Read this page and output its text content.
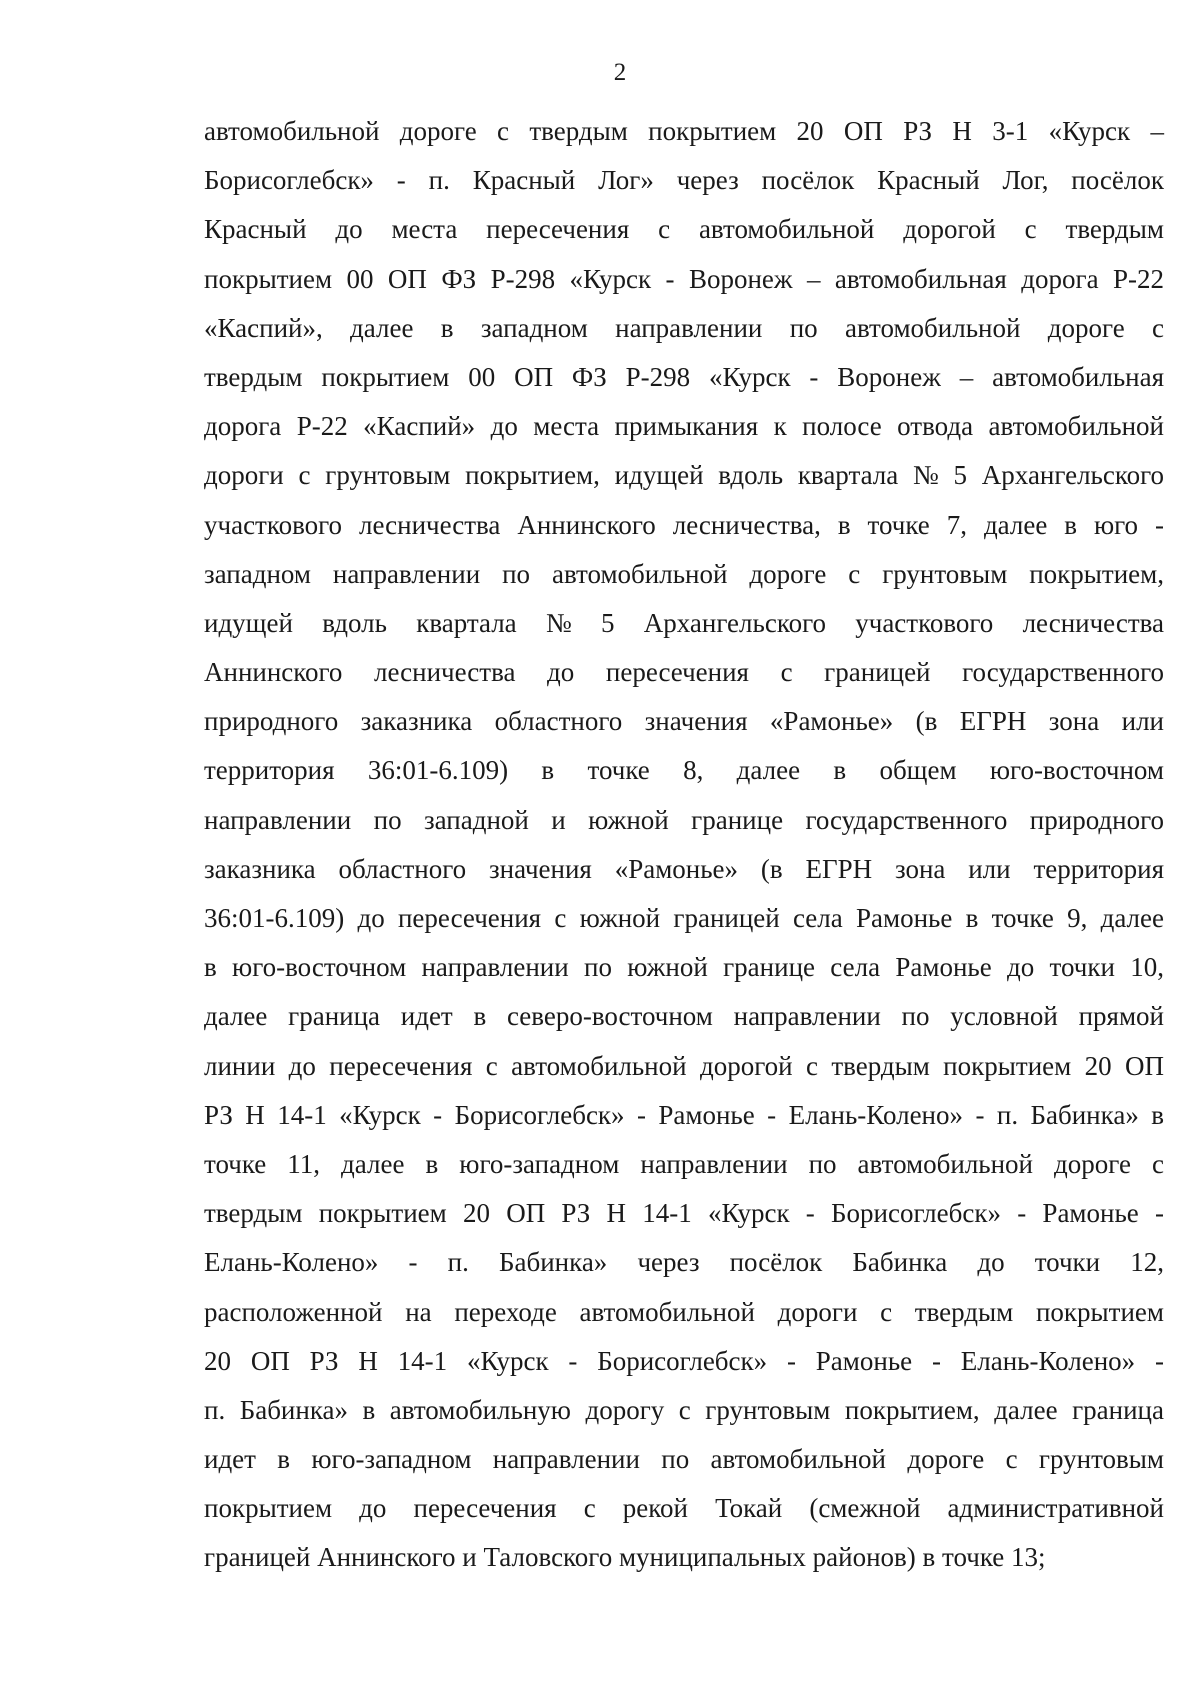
2
автомобильной дороге с твердым покрытием 20 ОП РЗ Н 3-1 «Курск –
Борисоглебск» - п. Красный Лог» через посёлок Красный Лог, посёлок
Красный до места пересечения с автомобильной дорогой с твердым
покрытием 00 ОП ФЗ Р-298 «Курск - Воронеж – автомобильная дорога Р-22
«Каспий», далее в западном направлении по автомобильной дороге с
твердым покрытием 00 ОП ФЗ Р-298 «Курск - Воронеж – автомобильная
дорога Р-22 «Каспий» до места примыкания к полосе отвода автомобильной
дороги с грунтовым покрытием, идущей вдоль квартала № 5 Архангельского
участкового лесничества Аннинского лесничества, в точке 7, далее в юго -
западном направлении по автомобильной дороге с грунтовым покрытием,
идущей вдоль квартала № 5 Архангельского участкового лесничества
Аннинского лесничества до пересечения с границей государственного
природного заказника областного значения «Рамонье» (в ЕГРН зона или
территория 36:01-6.109) в точке 8, далее в общем юго-восточном
направлении по западной и южной границе государственного природного
заказника областного значения «Рамонье» (в ЕГРН зона или территория
36:01-6.109) до пересечения с южной границей села Рамонье в точке 9, далее
в юго-восточном направлении по южной границе села Рамонье до точки 10,
далее граница идет в северо-восточном направлении по условной прямой
линии до пересечения с автомобильной дорогой с твердым покрытием 20 ОП
РЗ Н 14-1 «Курск - Борисоглебск» - Рамонье - Елань-Колено» - п. Бабинка» в
точке 11, далее в юго-западном направлении по автомобильной дороге с
твердым покрытием 20 ОП РЗ Н 14-1 «Курск - Борисоглебск» - Рамонье -
Елань-Колено» - п. Бабинка» через посёлок Бабинка до точки 12,
расположенной на переходе автомобильной дороги с твердым покрытием
20 ОП РЗ Н 14-1 «Курск - Борисоглебск» - Рамонье - Елань-Колено» -
п. Бабинка» в автомобильную дорогу с грунтовым покрытием, далее граница
идет в юго-западном направлении по автомобильной дороге с грунтовым
покрытием до пересечения с рекой Токай (смежной административной
границей Аннинского и Таловского муниципальных районов) в точке 13;
